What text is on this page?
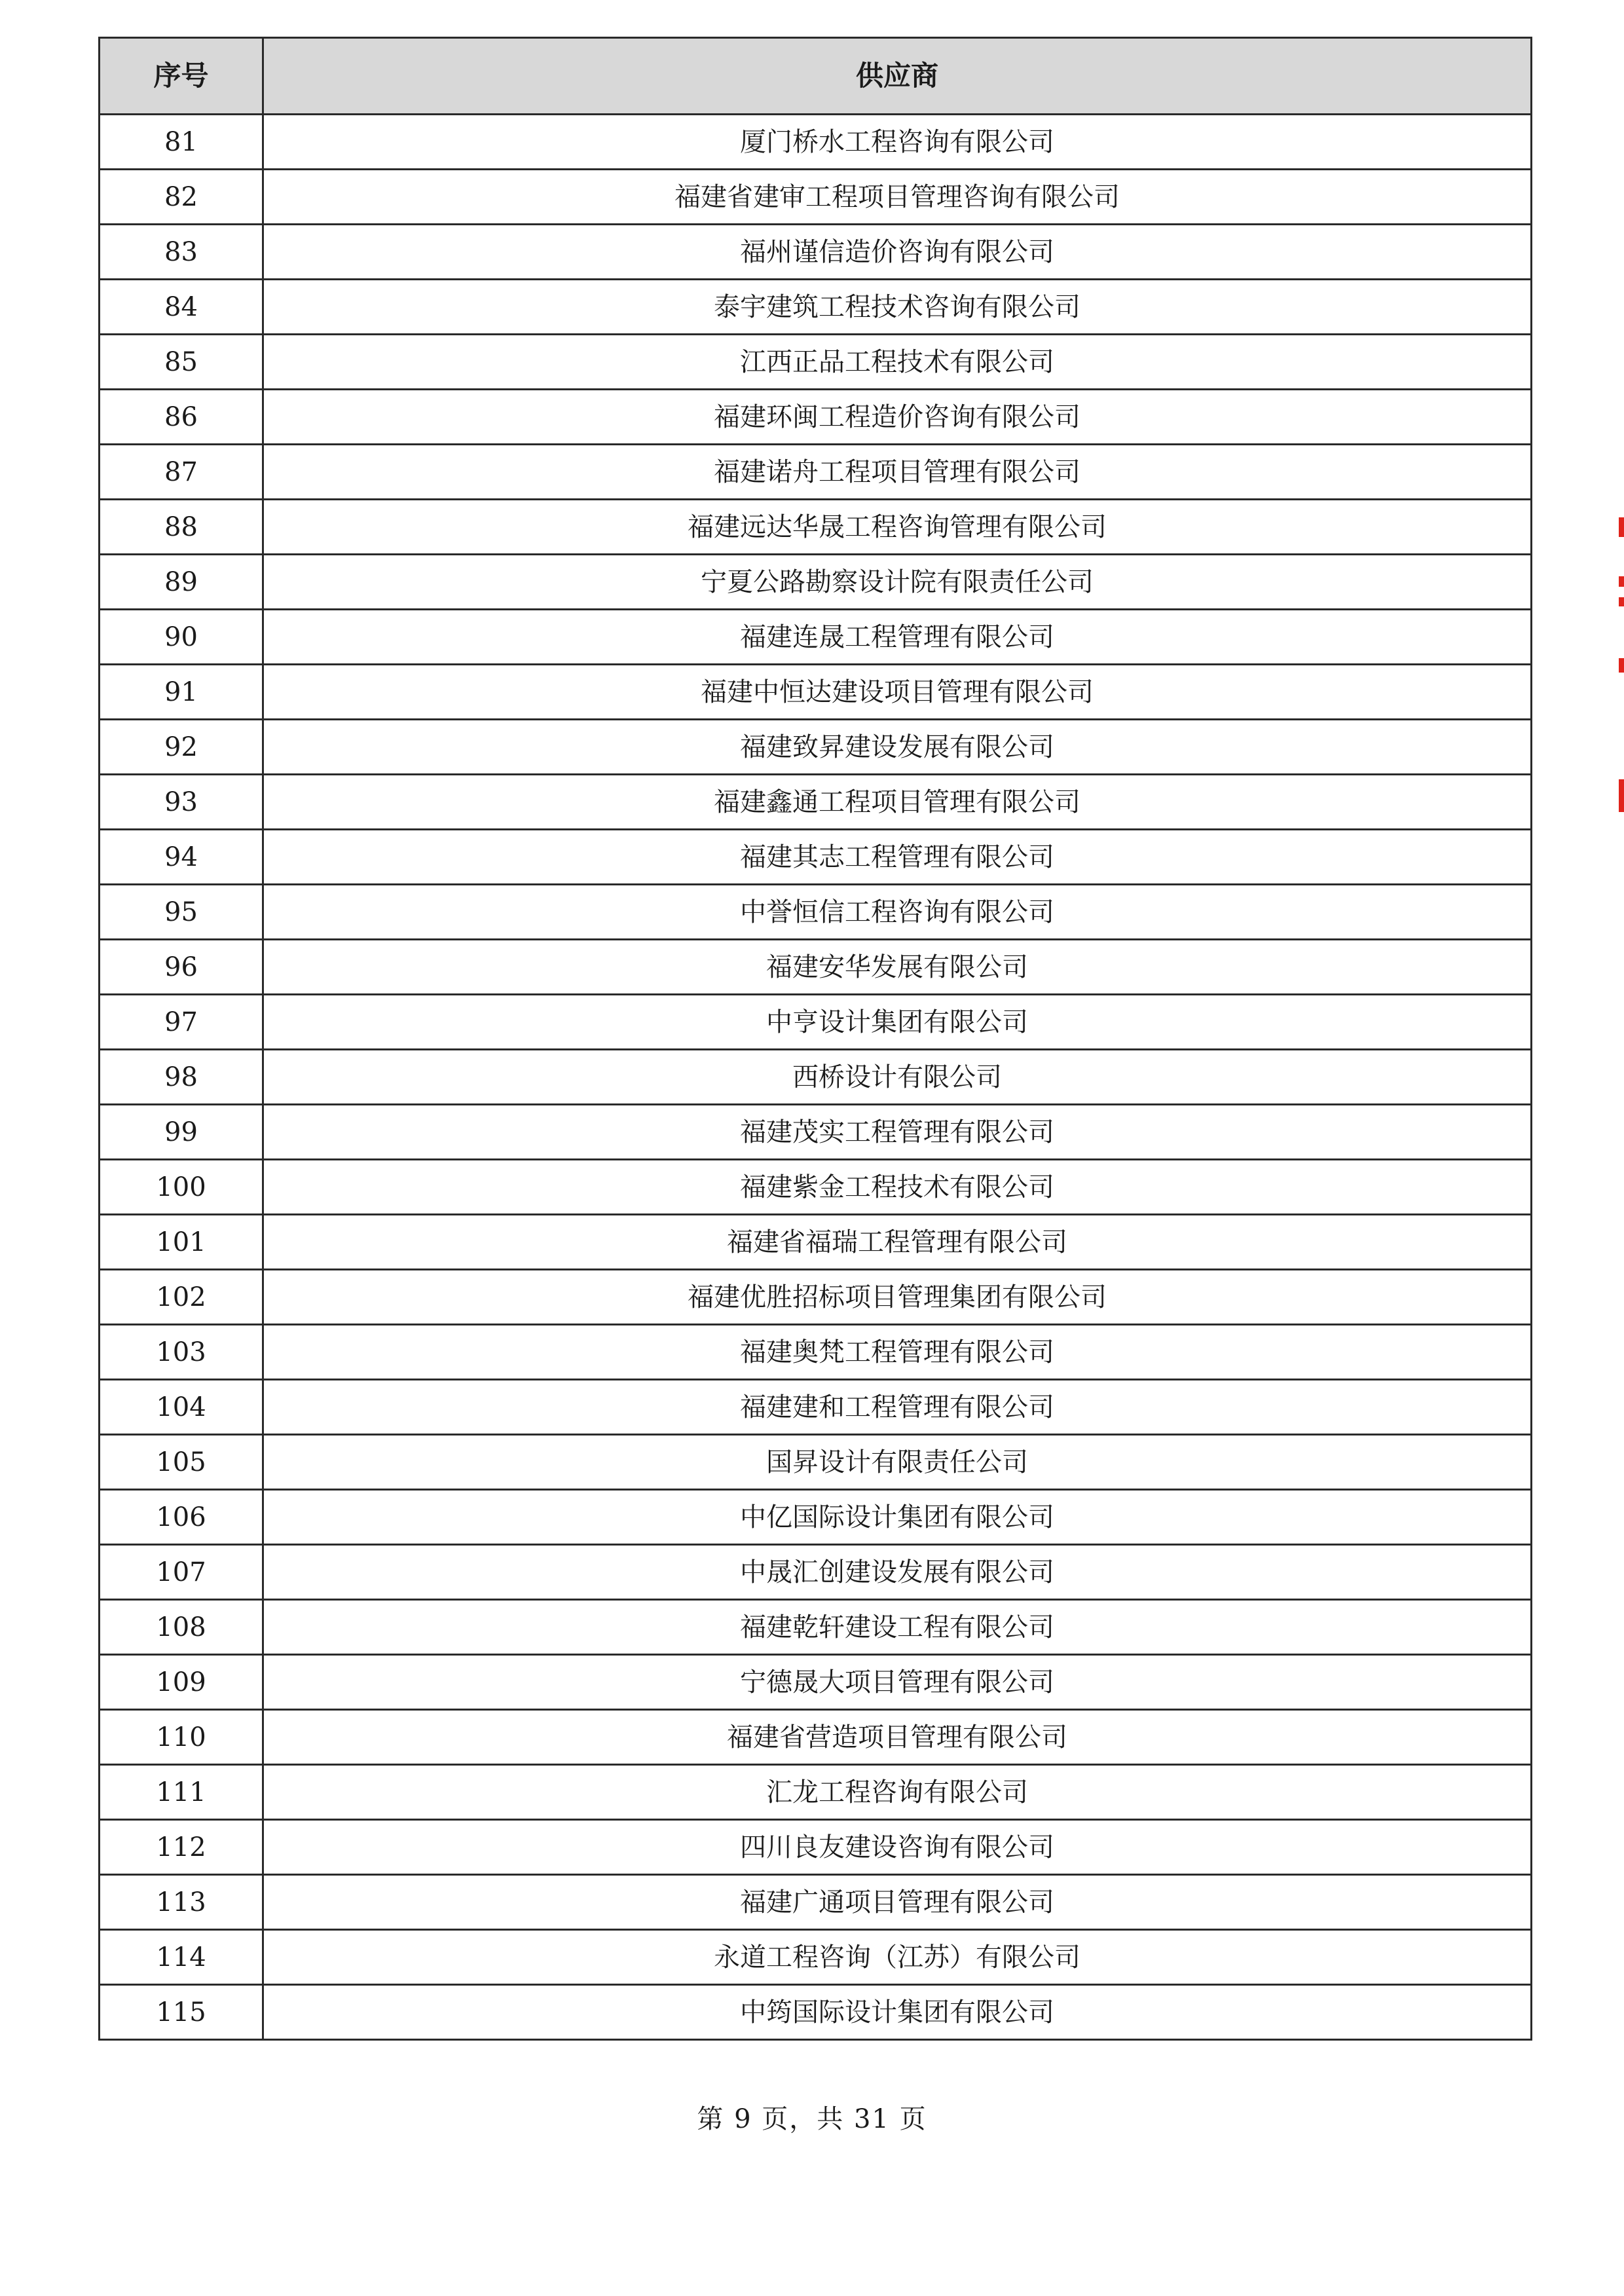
序号	供应商
81	厦门桥水工程咨询有限公司
82	福建省建审工程项目管理咨询有限公司
83	福州谨信造价咨询有限公司
84	泰宇建筑工程技术咨询有限公司
85	江西正品工程技术有限公司
86	福建环闽工程造价咨询有限公司
87	福建诺舟工程项目管理有限公司
88	福建远达华晟工程咨询管理有限公司
89	宁夏公路勘察设计院有限责任公司
90	福建连晟工程管理有限公司
91	福建中恒达建设项目管理有限公司
92	福建致昇建设发展有限公司
93	福建鑫通工程项目管理有限公司
94	福建其志工程管理有限公司
95	中誉恒信工程咨询有限公司
96	福建安华发展有限公司
97	中亨设计集团有限公司
98	西桥设计有限公司
99	福建茂实工程管理有限公司
100	福建紫金工程技术有限公司
101	福建省福瑞工程管理有限公司
102	福建优胜招标项目管理集团有限公司
103	福建奥梵工程管理有限公司
104	福建建和工程管理有限公司
105	国昇设计有限责任公司
106	中亿国际设计集团有限公司
107	中晟汇创建设发展有限公司
108	福建乾轩建设工程有限公司
109	宁德晟大项目管理有限公司
110	福建省营造项目管理有限公司
111	汇龙工程咨询有限公司
112	四川良友建设咨询有限公司
113	福建广通项目管理有限公司
114	永道工程咨询（江苏）有限公司
115	中筠国际设计集团有限公司
第 9 页，共 31 页
